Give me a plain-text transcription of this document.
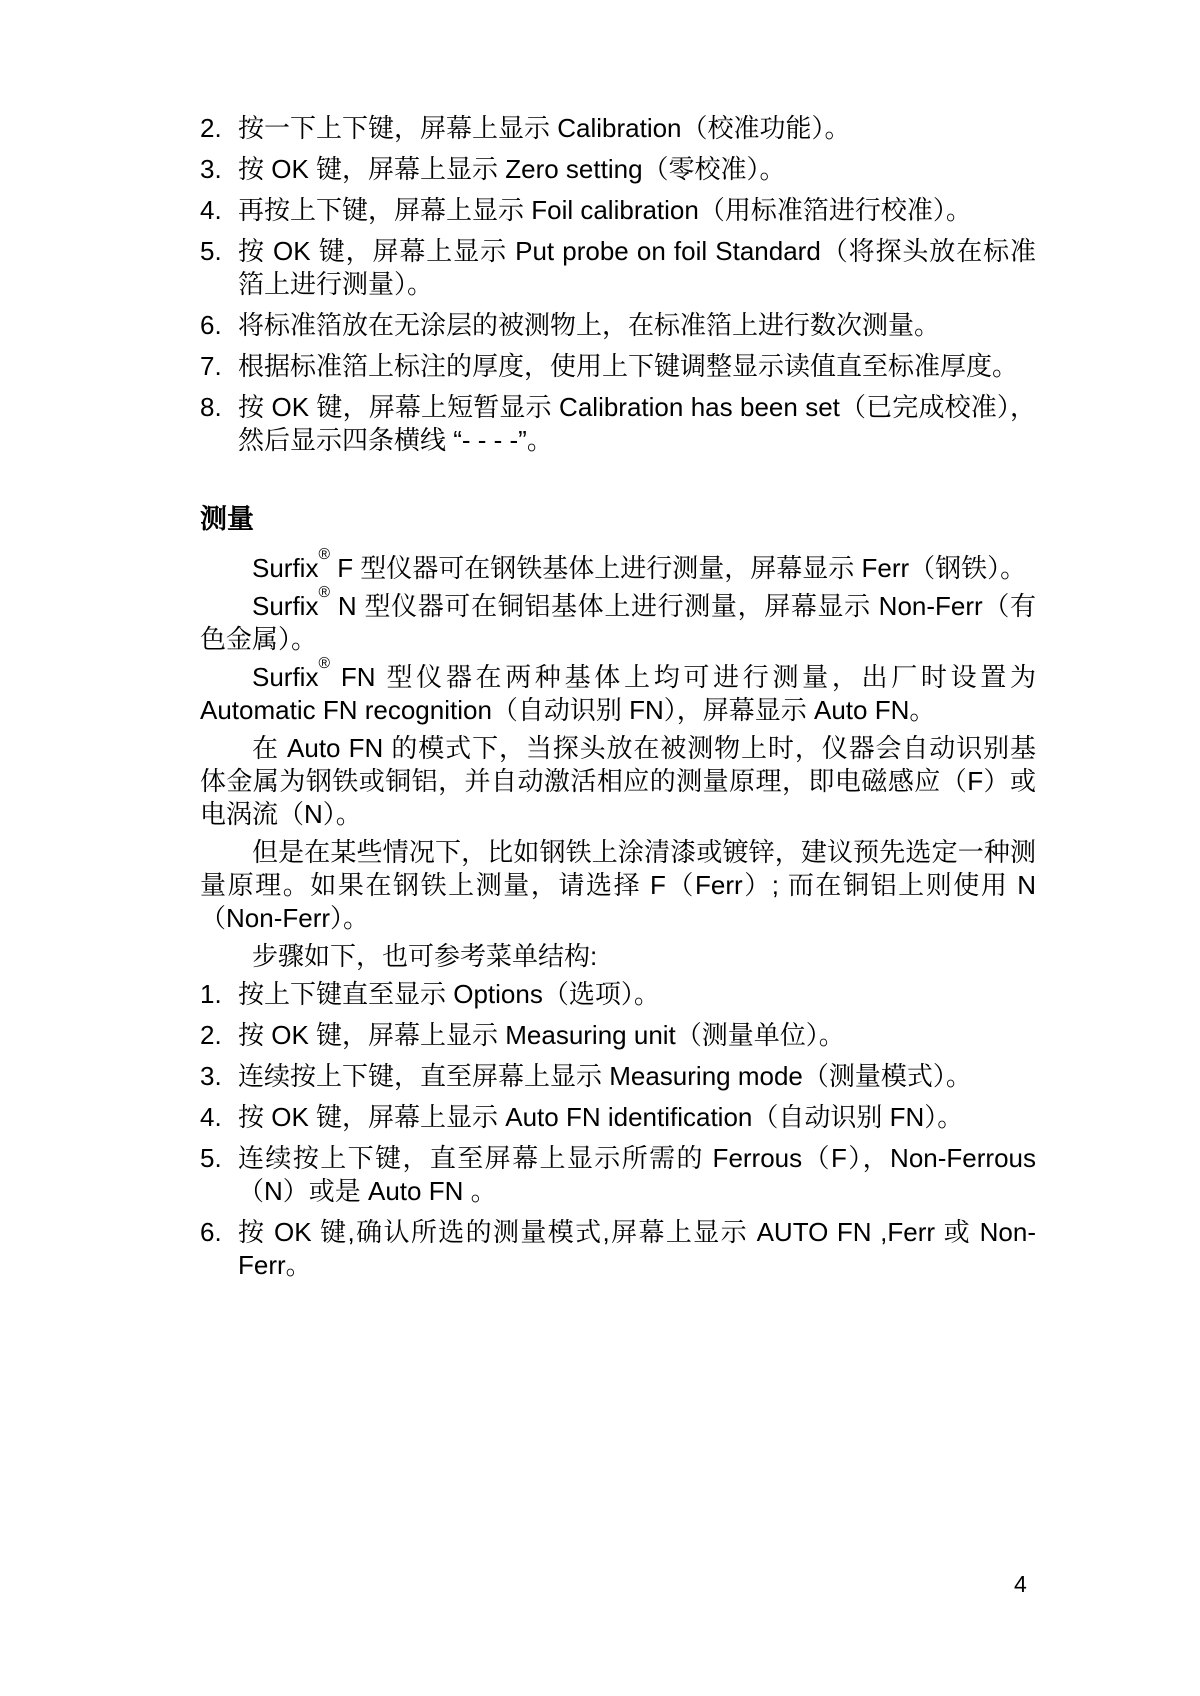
2. 按一下上下键，屏幕上显示 Calibration（校准功能）。
3. 按 OK 键，屏幕上显示 Zero setting（零校准）。
4. 再按上下键，屏幕上显示 Foil calibration（用标准箔进行校准）。
5. 按 OK 键，屏幕上显示 Put probe on foil Standard（将探头放在标准箔上进行测量）。
6. 将标准箔放在无涂层的被测物上，在标准箔上进行数次测量。
7. 根据标准箔上标注的厚度，使用上下键调整显示读值直至标准厚度。
8. 按 OK 键，屏幕上短暂显示 Calibration has been set（已完成校准），然后显示四条横线 “- - - -”。
测量

Surfix® F 型仪器可在钢铁基体上进行测量，屏幕显示 Ferr（钢铁）。

Surfix® N 型仪器可在铜铝基体上进行测量，屏幕显示 Non-Ferr（有色金属）。

Surfix® FN 型仪器在两种基体上均可进行测量，出厂时设置为 Automatic FN recognition（自动识别 FN），屏幕显示 Auto FN。

在 Auto FN 的模式下，当探头放在被测物上时，仪器会自动识别基体金属为钢铁或铜铝，并自动激活相应的测量原理，即电磁感应（F）或电涡流（N）。

但是在某些情况下，比如钢铁上涂清漆或镀锌，建议预先选定一种测量原理。如果在钢铁上测量，请选择 F（Ferr）; 而在铜铝上则使用 N（Non-Ferr）。

步骤如下，也可参考菜单结构:

1. 按上下键直至显示 Options（选项）。
2. 按 OK 键，屏幕上显示 Measuring unit（测量单位）。
3. 连续按上下键，直至屏幕上显示 Measuring mode（测量模式）。
4. 按 OK 键，屏幕上显示 Auto FN identification（自动识别 FN）。
5. 连续按上下键，直至屏幕上显示所需的 Ferrous（F），Non-Ferrous（N）或是 Auto FN 。
6. 按 OK 键,确认所选的测量模式,屏幕上显示 AUTO FN ,Ferr 或 Non-Ferr。
4
